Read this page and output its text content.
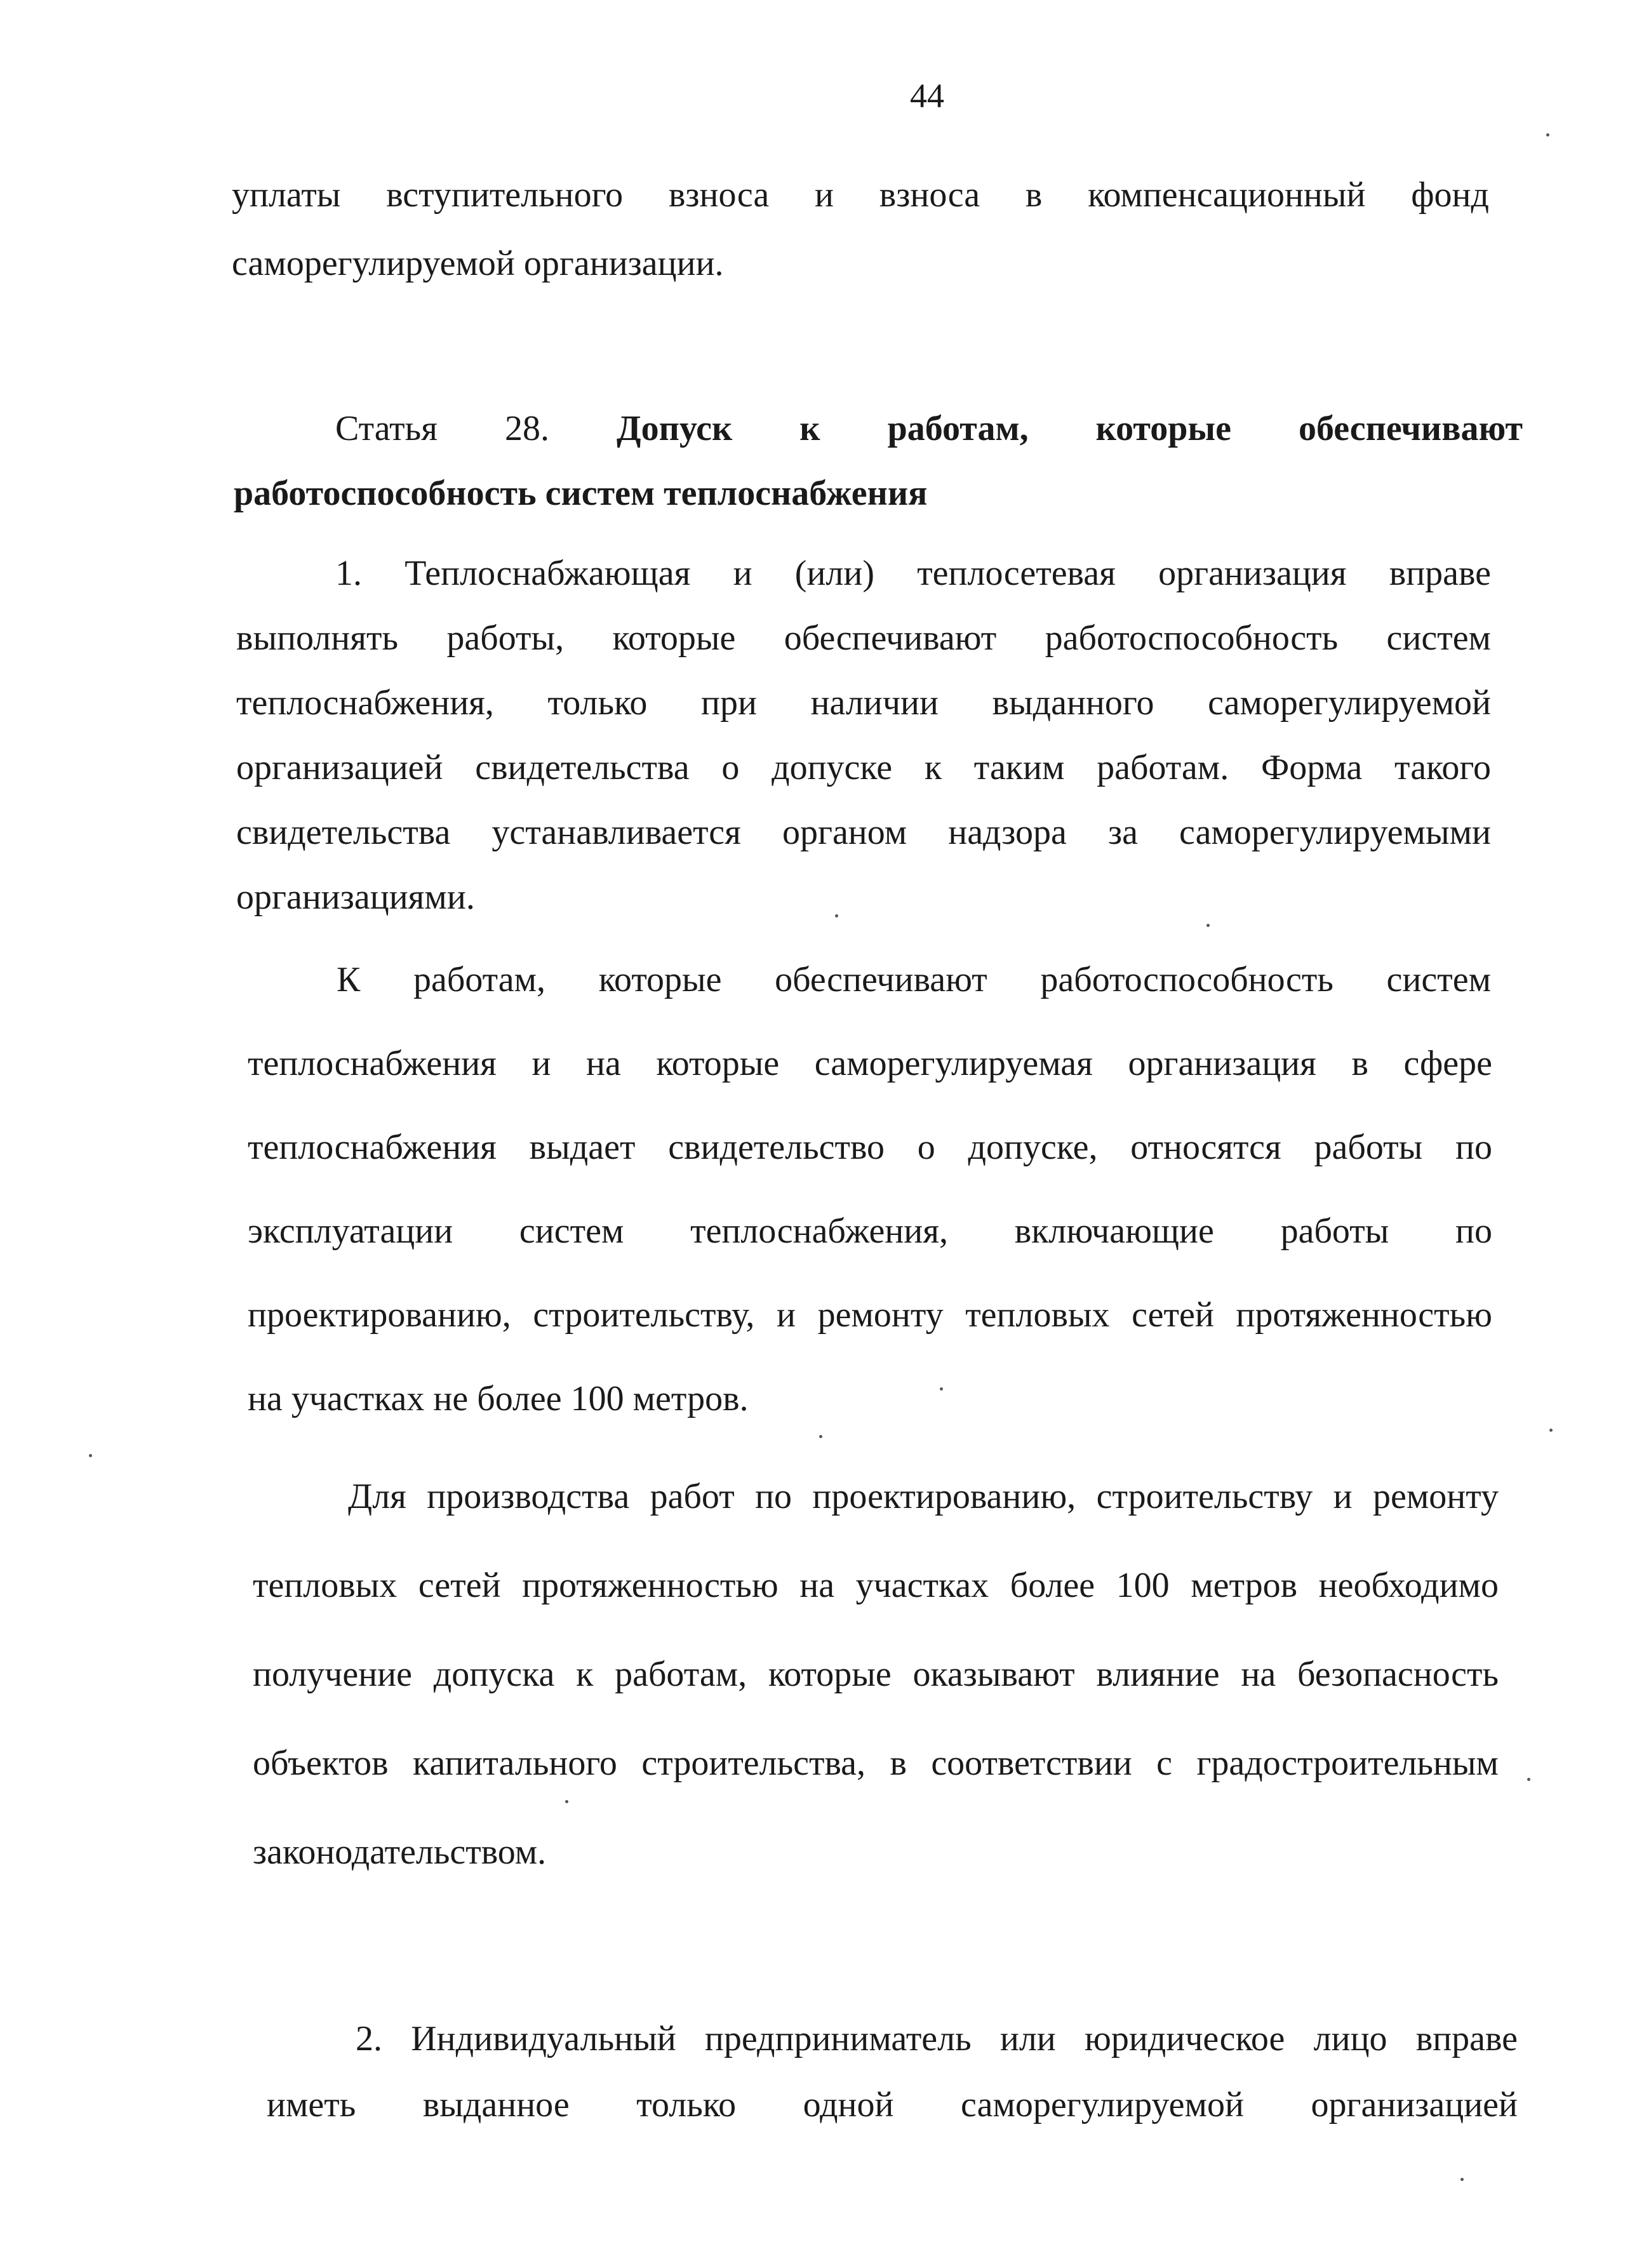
44
уплаты вступительного взноса и взноса в компенсационный фонд
саморегулируемой организации.
Статья 28. Допуск к работам, которые обеспечивают
работоспособность систем теплоснабжения
1. Теплоснабжающая и (или) теплосетевая организация вправе
выполнять работы, которые обеспечивают работоспособность систем
теплоснабжения, только при наличии выданного саморегулируемой
организацией свидетельства о допуске к таким работам. Форма такого
свидетельства устанавливается органом надзора за саморегулируемыми
организациями.
К работам, которые обеспечивают работоспособность систем
теплоснабжения и на которые саморегулируемая организация в сфере
теплоснабжения выдает свидетельство о допуске, относятся работы по
эксплуатации систем теплоснабжения, включающие работы по
проектированию, строительству, и ремонту тепловых сетей протяженностью
на участках не более 100 метров.
Для производства работ по проектированию, строительству и ремонту
тепловых сетей протяженностью на участках более 100 метров необходимо
получение допуска к работам, которые оказывают влияние на безопасность
объектов капитального строительства, в соответствии с градостроительным
законодательством.
2. Индивидуальный предприниматель или юридическое лицо вправе
иметь выданное только одной саморегулируемой организацией
